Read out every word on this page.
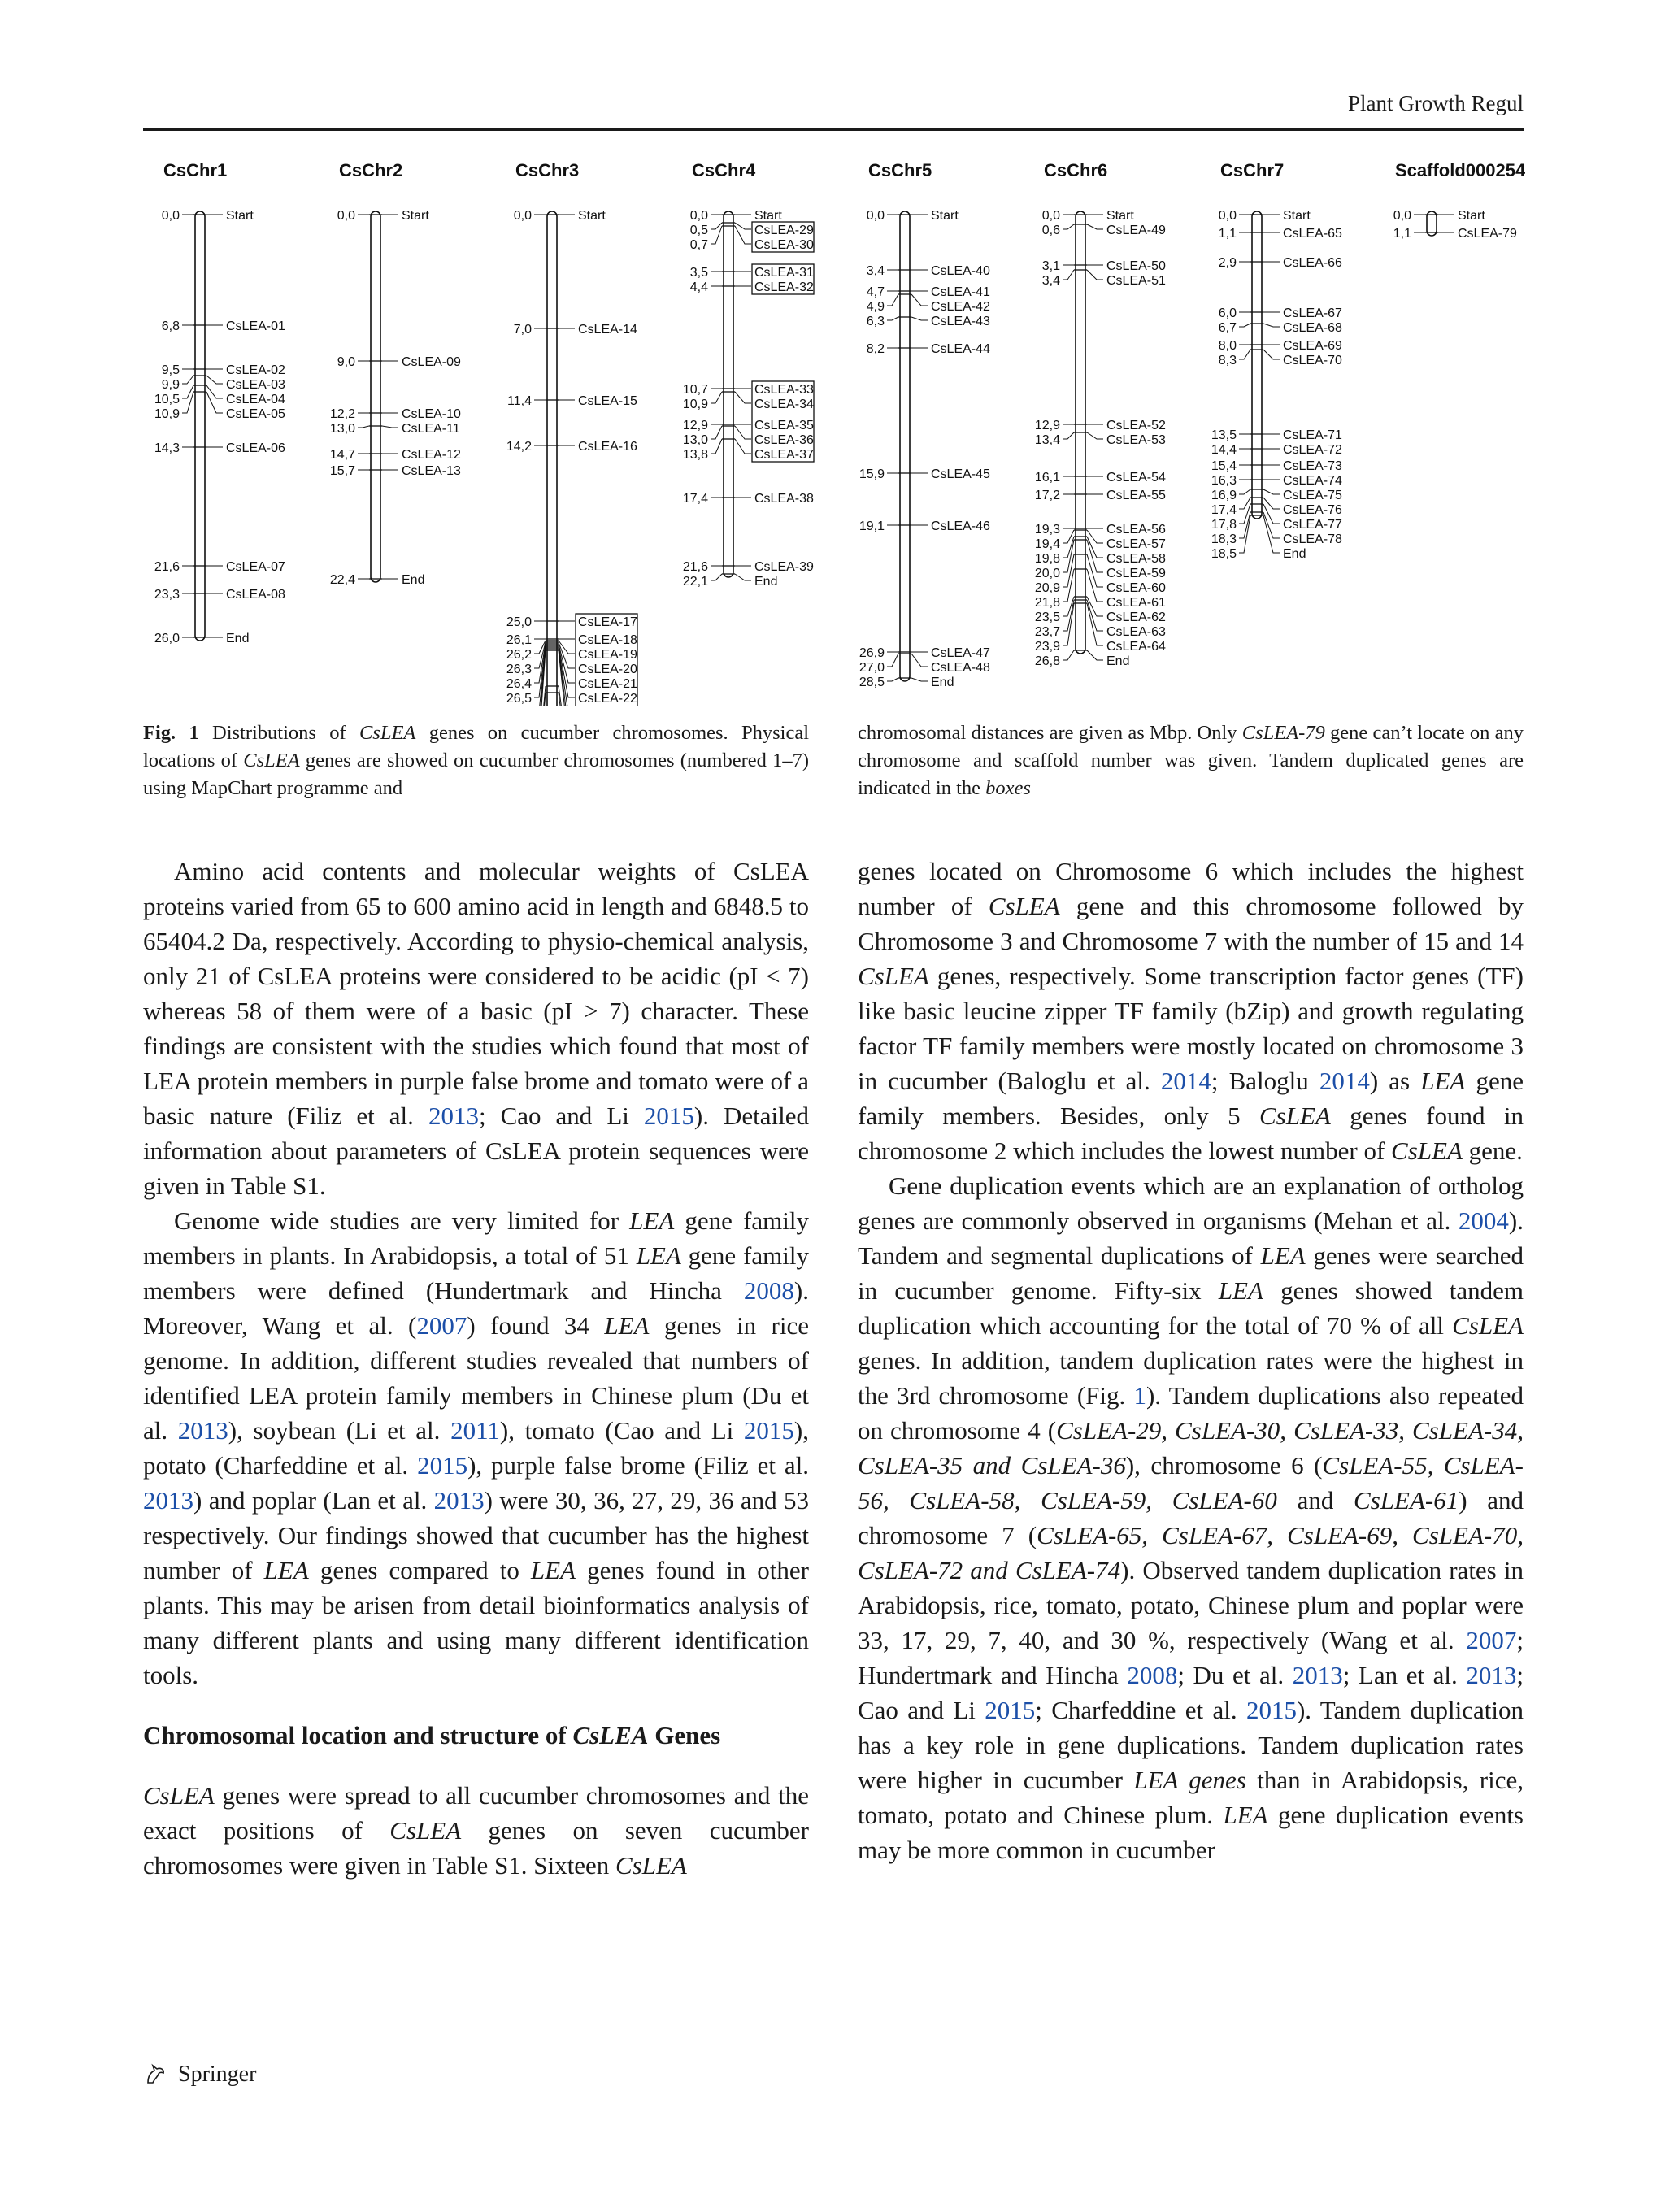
Plant Growth Regul
CsChr1
0,0	Start
6,8	CsLEA-01
9,5	CsLEA-02
9,9	CsLEA-03
10,5	CsLEA-04
10,9	CsLEA-05
14,3	CsLEA-06
21,6	CsLEA-07
23,3	CsLEA-08
26,0	End
CsChr2
0,0	Start
9,0	CsLEA-09
12,2	CsLEA-10
13,0	CsLEA-11
14,7	CsLEA-12
15,7	CsLEA-13
22,4	End
CsChr3
0,0	Start
7,0	CsLEA-14
11,4	CsLEA-15
14,2	CsLEA-16
25,0	CsLEA-17
26,1	CsLEA-18
26,2	CsLEA-19
26,3	CsLEA-20
26,4	CsLEA-21
26,5	CsLEA-22
CsChr4
0,0	Start
0,5	CsLEA-29
0,7	CsLEA-30
3,5	CsLEA-31
4,4	CsLEA-32
10,7	CsLEA-33
10,9	CsLEA-34
12,9	CsLEA-35
13,0	CsLEA-36
13,8	CsLEA-37
17,4	CsLEA-38
21,6	CsLEA-39
22,1	End
CsChr5
0,0	Start
3,4	CsLEA-40
4,7	CsLEA-41
4,9	CsLEA-42
6,3	CsLEA-43
8,2	CsLEA-44
15,9	CsLEA-45
19,1	CsLEA-46
26,9	CsLEA-47
27,0	CsLEA-48
28,5	End
CsChr6
0,0	Start
0,6	CsLEA-49
3,1	CsLEA-50
3,4	CsLEA-51
12,9	CsLEA-52
13,4	CsLEA-53
16,1	CsLEA-54
17,2	CsLEA-55
19,3	CsLEA-56
19,4	CsLEA-57
19,8	CsLEA-58
20,0	CsLEA-59
20,9	CsLEA-60
21,8	CsLEA-61
23,5	CsLEA-62
23,7	CsLEA-63
23,9	CsLEA-64
26,8	End
CsChr7
0,0	Start
1,1	CsLEA-65
2,9	CsLEA-66
6,0	CsLEA-67
6,7	CsLEA-68
8,0	CsLEA-69
8,3	CsLEA-70
13,5	CsLEA-71
14,4	CsLEA-72
15,4	CsLEA-73
16,3	CsLEA-74
16,9	CsLEA-75
17,4	CsLEA-76
17,8	CsLEA-77
18,3	CsLEA-78
18,5	End
Scaffold000254
0,0	Start
1,1	CsLEA-79
Fig. 1 Distributions of CsLEA genes on cucumber chromosomes. Physical locations of CsLEA genes are showed on cucumber chromosomes (numbered 1–7) using MapChart programme and
chromosomal distances are given as Mbp. Only CsLEA-79 gene can’t locate on any chromosome and scaffold number was given. Tandem duplicated genes are indicated in the boxes

Amino acid contents and molecular weights of CsLEA proteins varied from 65 to 600 amino acid in length and 6848.5 to 65404.2 Da, respectively. According to physio-chemical analysis, only 21 of CsLEA proteins were considered to be acidic (pI < 7) whereas 58 of them were of a basic (pI > 7) character. These findings are consistent with the studies which found that most of LEA protein members in purple false brome and tomato were of a basic nature (Filiz et al. 2013; Cao and Li 2015). Detailed information about parameters of CsLEA protein sequences were given in Table S1.

Genome wide studies are very limited for LEA gene family members in plants. In Arabidopsis, a total of 51 LEA gene family members were defined (Hundertmark and Hincha 2008). Moreover, Wang et al. (2007) found 34 LEA genes in rice genome. In addition, different studies revealed that numbers of identified LEA protein family members in Chinese plum (Du et al. 2013), soybean (Li et al. 2011), tomato (Cao and Li 2015), potato (Charfeddine et al. 2015), purple false brome (Filiz et al. 2013) and poplar (Lan et al. 2013) were 30, 36, 27, 29, 36 and 53 respectively. Our findings showed that cucumber has the highest number of LEA genes compared to LEA genes found in other plants. This may be arisen from detail bioinformatics analysis of many different plants and using many different identification tools.

Chromosomal location and structure of CsLEA Genes

CsLEA genes were spread to all cucumber chromosomes and the exact positions of CsLEA genes on seven cucumber chromosomes were given in Table S1. Sixteen CsLEA

genes located on Chromosome 6 which includes the highest number of CsLEA gene and this chromosome followed by Chromosome 3 and Chromosome 7 with the number of 15 and 14 CsLEA genes, respectively. Some transcription factor genes (TF) like basic leucine zipper TF family (bZip) and growth regulating factor TF family members were mostly located on chromosome 3 in cucumber (Baloglu et al. 2014; Baloglu 2014) as LEA gene family members. Besides, only 5 CsLEA genes found in chromosome 2 which includes the lowest number of CsLEA gene.

Gene duplication events which are an explanation of ortholog genes are commonly observed in organisms (Mehan et al. 2004). Tandem and segmental duplications of LEA genes were searched in cucumber genome. Fifty-six LEA genes showed tandem duplication which accounting for the total of 70 % of all CsLEA genes. In addition, tandem duplication rates were the highest in the 3rd chromosome (Fig. 1). Tandem duplications also repeated on chromosome 4 (CsLEA-29, CsLEA-30, CsLEA-33, CsLEA-34, CsLEA-35 and CsLEA-36), chromosome 6 (CsLEA-55, CsLEA-56, CsLEA-58, CsLEA-59, CsLEA-60 and CsLEA-61) and chromosome 7 (CsLEA-65, CsLEA-67, CsLEA-69, CsLEA-70, CsLEA-72 and CsLEA-74). Observed tandem duplication rates in Arabidopsis, rice, tomato, potato, Chinese plum and poplar were 33, 17, 29, 7, 40, and 30 %, respectively (Wang et al. 2007; Hundertmark and Hincha 2008; Du et al. 2013; Lan et al. 2013; Cao and Li 2015; Charfeddine et al. 2015). Tandem duplication has a key role in gene duplications. Tandem duplication rates were higher in cucumber LEA genes than in Arabidopsis, rice, tomato, potato and Chinese plum. LEA gene duplication events may be more common in cucumber

Springer
